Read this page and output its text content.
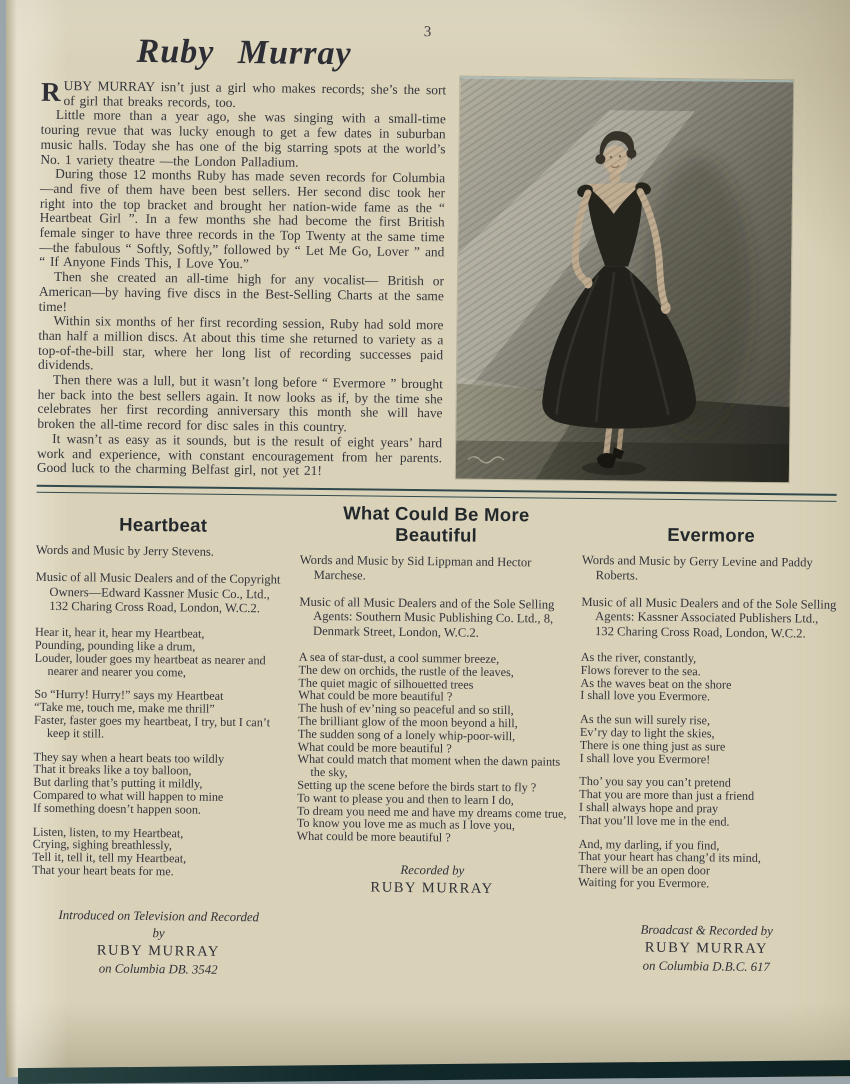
3
Ruby Murray

RUBY MURRAY isn’t just a girl who makes records; she’s the sort of girl that breaks records, too.

Little more than a year ago, she was singing with a small-time touring revue that was lucky enough to get a few dates in suburban music halls. Today she has one of the big starring spots at the world’s No. 1 variety theatre —the London Palladium.

During those 12 months Ruby has made seven records for Columbia—and five of them have been best sellers. Her second disc took her right into the top bracket and brought her nation-wide fame as the “ Heartbeat Girl ”. In a few months she had become the first British female singer to have three records in the Top Twenty at the same time—the fabulous “ Softly, Softly,” followed by “ Let Me Go, Lover ” and “ If Anyone Finds This, I Love You.”

Then she created an all-time high for any vocalist— British or American—by having five discs in the Best-Selling Charts at the same time!

Within six months of her first recording session, Ruby had sold more than half a million discs. At about this time she returned to variety as a top-of-the-bill star, where her long list of recording successes paid dividends.

Then there was a lull, but it wasn’t long before “ Evermore ” brought her back into the best sellers again. It now looks as if, by the time she celebrates her first recording anniversary this month she will have broken the all-time record for disc sales in this country.

It wasn’t as easy as it sounds, but is the result of eight years’ hard work and experience, with constant encouragement from her parents. Good luck to the charming Belfast girl, not yet 21!

Heartbeat

Words and Music by Jerry Stevens.

Music of all Music Dealers and of the Copyright Owners—Edward Kassner Music Co., Ltd., 132 Charing Cross Road, London, W.C.2.

Hear it, hear it, hear my Heartbeat,
Pounding, pounding like a drum,
Louder, louder goes my heartbeat as nearer and nearer and nearer you come,
So “Hurry! Hurry!” says my Heartbeat
“Take me, touch me, make me thrill”
Faster, faster goes my heartbeat, I try, but I can’t keep it still.
They say when a heart beats too wildly
That it breaks like a toy balloon,
But darling that’s putting it mildly,
Compared to what will happen to mine
If something doesn’t happen soon.
Listen, listen, to my Heartbeat,
Crying, sighing breathlessly,
Tell it, tell it, tell my Heartbeat,
That your heart beats for me.
Introduced on Television and Recorded
by
RUBY MURRAY
on Columbia DB. 3542
What Could Be More
Beautiful

Words and Music by Sid Lippman and Hector Marchese.

Music of all Music Dealers and of the Sole Selling Agents: Southern Music Publishing Co. Ltd., 8, Denmark Street, London, W.C.2.

A sea of star-dust, a cool summer breeze,
The dew on orchids, the rustle of the leaves,
The quiet magic of silhouetted trees
What could be more beautiful ?
The hush of ev’ning so peaceful and so still,
The brilliant glow of the moon beyond a hill,
The sudden song of a lonely whip-poor-will,
What could be more beautiful ?
What could match that moment when the dawn paints the sky,
Setting up the scene before the birds start to fly ?
To want to please you and then to learn I do,
To dream you need me and have my dreams come true,
To know you love me as much as I love you,
What could be more beautiful ?
Recorded by
RUBY MURRAY
Evermore

Words and Music by Gerry Levine and Paddy Roberts.

Music of all Music Dealers and of the Sole Selling Agents: Kassner Associated Publishers Ltd., 132 Charing Cross Road, London, W.C.2.

As the river, constantly,
Flows forever to the sea.
As the waves beat on the shore
I shall love you Evermore.
As the sun will surely rise,
Ev’ry day to light the skies,
There is one thing just as sure
I shall love you Evermore!
Tho’ you say you can’t pretend
That you are more than just a friend
I shall always hope and pray
That you’ll love me in the end.
And, my darling, if you find,
That your heart has chang’d its mind,
There will be an open door
Waiting for you Evermore.
Broadcast & Recorded by
RUBY MURRAY
on Columbia D.B.C. 617
